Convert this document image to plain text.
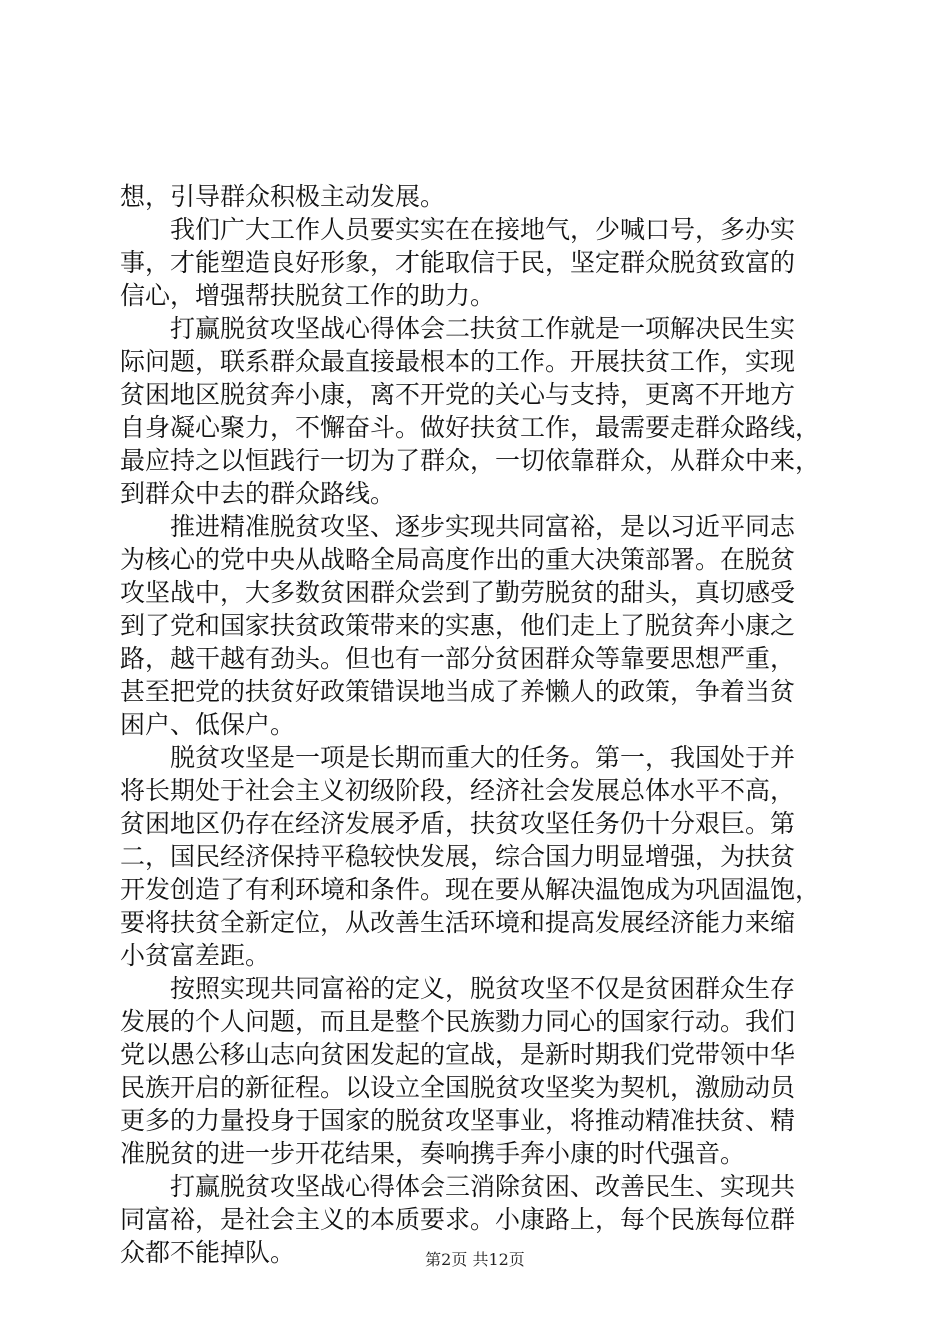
想，引导群众积极主动发展。
我们广大工作人员要实实在在接地气，少喊口号，多办实
事，才能塑造良好形象，才能取信于民，坚定群众脱贫致富的
信心，增强帮扶脱贫工作的助力。
打赢脱贫攻坚战心得体会二扶贫工作就是一项解决民生实
际问题，联系群众最直接最根本的工作。开展扶贫工作，实现
贫困地区脱贫奔小康，离不开党的关心与支持，更离不开地方
自身凝心聚力，不懈奋斗。做好扶贫工作，最需要走群众路线，
最应持之以恒践行一切为了群众，一切依靠群众，从群众中来，
到群众中去的群众路线。
推进精准脱贫攻坚、逐步实现共同富裕，是以习近平同志
为核心的党中央从战略全局高度作出的重大决策部署。在脱贫
攻坚战中，大多数贫困群众尝到了勤劳脱贫的甜头，真切感受
到了党和国家扶贫政策带来的实惠，他们走上了脱贫奔小康之
路，越干越有劲头。但也有一部分贫困群众等靠要思想严重，
甚至把党的扶贫好政策错误地当成了养懒人的政策，争着当贫
困户、低保户。
脱贫攻坚是一项是长期而重大的任务。第一，我国处于并
将长期处于社会主义初级阶段，经济社会发展总体水平不高，
贫困地区仍存在经济发展矛盾，扶贫攻坚任务仍十分艰巨。第
二，国民经济保持平稳较快发展，综合国力明显增强，为扶贫
开发创造了有利环境和条件。现在要从解决温饱成为巩固温饱，
要将扶贫全新定位，从改善生活环境和提高发展经济能力来缩
小贫富差距。
按照实现共同富裕的定义，脱贫攻坚不仅是贫困群众生存
发展的个人问题，而且是整个民族勠力同心的国家行动。我们
党以愚公移山志向贫困发起的宣战，是新时期我们党带领中华
民族开启的新征程。以设立全国脱贫攻坚奖为契机，激励动员
更多的力量投身于国家的脱贫攻坚事业，将推动精准扶贫、精
准脱贫的进一步开花结果，奏响携手奔小康的时代强音。
打赢脱贫攻坚战心得体会三消除贫困、改善民生、实现共
同富裕，是社会主义的本质要求。小康路上，每个民族每位群
众都不能掉队。	第2页 共12页
